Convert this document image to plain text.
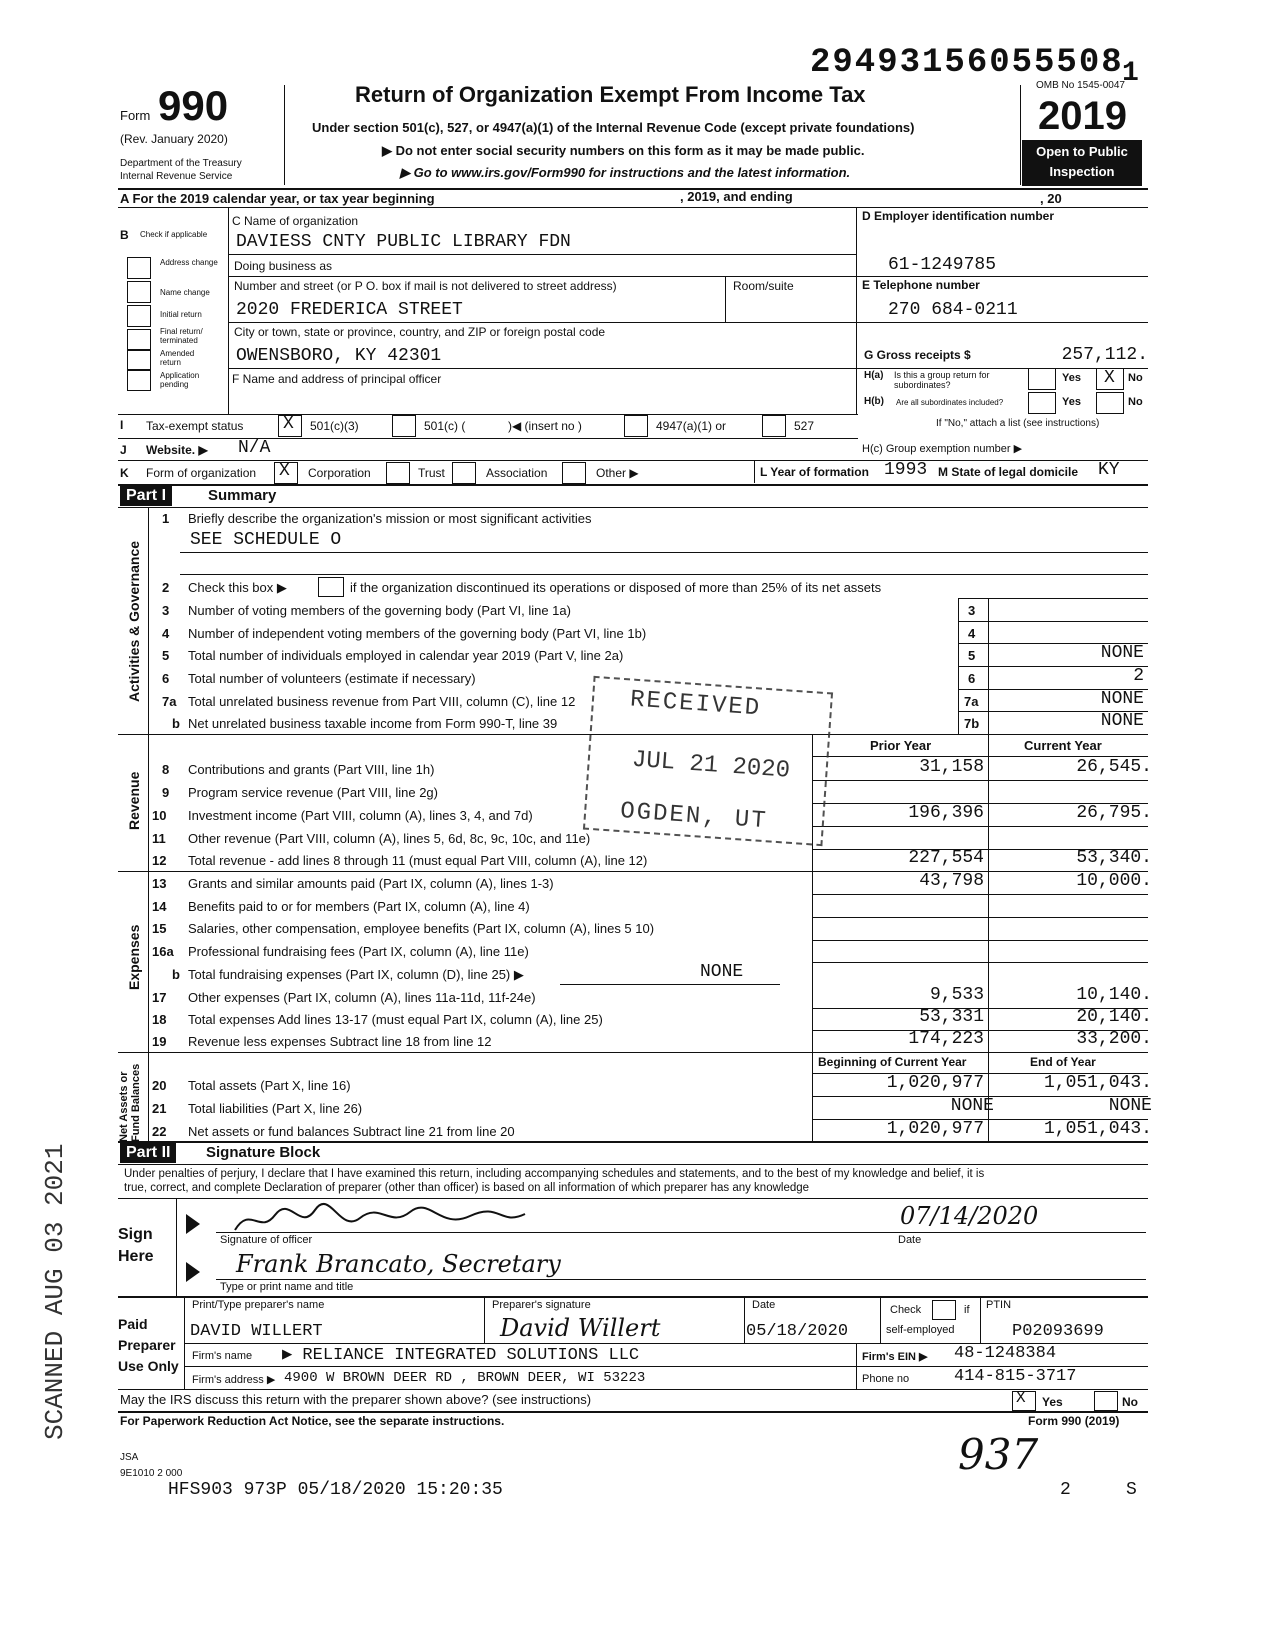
29493156055508
1
Form 990
(Rev. January 2020)
Department of the Treasury
Internal Revenue Service
Return of Organization Exempt From Income Tax
Under section 501(c), 527, or 4947(a)(1) of the Internal Revenue Code (except private foundations)
▶ Do not enter social security numbers on this form as it may be made public.
▶ Go to www.irs.gov/Form990 for instructions and the latest information.
OMB No 1545-0047
2019
Open to Public
Inspection
A For the 2019 calendar year, or tax year beginning	, 2019, and ending	, 20
B Check if applicable
Address change
Name change
Initial return
Final return/ terminated
Amended return
Application pending
C Name of organization
DAVIESS CNTY PUBLIC LIBRARY FDN
Doing business as
Number and street (or P O. box if mail is not delivered to street address)	Room/suite
2020 FREDERICA STREET
City or town, state or province, country, and ZIP or foreign postal code
OWENSBORO, KY 42301
F Name and address of principal officer
D Employer identification number
61-1249785
E Telephone number
270 684-0211
G Gross receipts $	257,112.
H(a) Is this a group return for subordinates?
Yes X No
H(b) Are all subordinates included?	Yes	No
If "No," attach a list (see instructions)
H(c) Group exemption number ▶
I Tax-exempt status X 501(c)(3)	501(c) (	)◀ (insert no )	4947(a)(1) or	527
J Website. ▶ N/A
K Form of organization X Corporation	Trust	Association	Other ▶	L Year of formation 1993 M State of legal domicile KY
Part I	Summary
Activities & Governance
Revenue
Expenses
Net Assets or Fund Balances
1 Briefly describe the organization's mission or most significant activities
SEE SCHEDULE O
2 Check this box ▶	if the organization discontinued its operations or disposed of more than 25% of its net assets
3 Number of voting members of the governing body (Part VI, line 1a)	3
4 Number of independent voting members of the governing body (Part VI, line 1b)	4
5 Total number of individuals employed in calendar year 2019 (Part V, line 2a)	5	NONE
6 Total number of volunteers (estimate if necessary)	6	2
7a Total unrelated business revenue from Part VIII, column (C), line 12	7a	NONE
b Net unrelated business taxable income from Form 990-T, line 39	7b	NONE
Prior Year	Current Year
8 Contributions and grants (Part VIII, line 1h)	31,158	26,545.
9 Program service revenue (Part VIII, line 2g)
10 Investment income (Part VIII, column (A), lines 3, 4, and 7d)	196,396	26,795.
11 Other revenue (Part VIII, column (A), lines 5, 6d, 8c, 9c, 10c, and 11e)
12 Total revenue - add lines 8 through 11 (must equal Part VIII, column (A), line 12)	227,554	53,340.
13 Grants and similar amounts paid (Part IX, column (A), lines 1-3)	43,798	10,000.
14 Benefits paid to or for members (Part IX, column (A), line 4)
15 Salaries, other compensation, employee benefits (Part IX, column (A), lines 5 10)
16a Professional fundraising fees (Part IX, column (A), line 11e)
b Total fundraising expenses (Part IX, column (D), line 25) ▶	NONE
17 Other expenses (Part IX, column (A), lines 11a-11d, 11f-24e)	9,533	10,140.
18 Total expenses Add lines 13-17 (must equal Part IX, column (A), line 25)	53,331	20,140.
19 Revenue less expenses Subtract line 18 from line 12	174,223	33,200.
Beginning of Current Year	End of Year
20 Total assets (Part X, line 16)	1,020,977	1,051,043.
21 Total liabilities (Part X, line 26)	NONE	NONE
22 Net assets or fund balances Subtract line 21 from line 20	1,020,977	1,051,043.
Part II	Signature Block
Under penalties of perjury, I declare that I have examined this return, including accompanying schedules and statements, and to the best of my knowledge and belief, it is
true, correct, and complete Declaration of preparer (other than officer) is based on all information of which preparer has any knowledge
Sign
Here
Signature of officer
07/14/2020
Date
Frank Brancato, Secretary
Type or print name and title
Paid
Preparer
Use Only
Print/Type preparer's name
DAVID WILLERT
Preparer's signature
David Willert
Date
05/18/2020
Check	if
self-employed
PTIN
P02093699
Firm's name ▶ RELIANCE INTEGRATED SOLUTIONS LLC	Firm's EIN ▶ 48-1248384
Firm's address ▶ 4900 W BROWN DEER RD , BROWN DEER, WI 53223	Phone no	414-815-3717
May the IRS discuss this return with the preparer shown above? (see instructions)	X Yes	No
For Paperwork Reduction Act Notice, see the separate instructions.	Form 990 (2019)
JSA
9E1010 2 000
HFS903 973P 05/18/2020 15:20:35	2	S
937
RECEIVED
JUL 21 2020
OGDEN, UT
SCANNED AUG 03 2021
